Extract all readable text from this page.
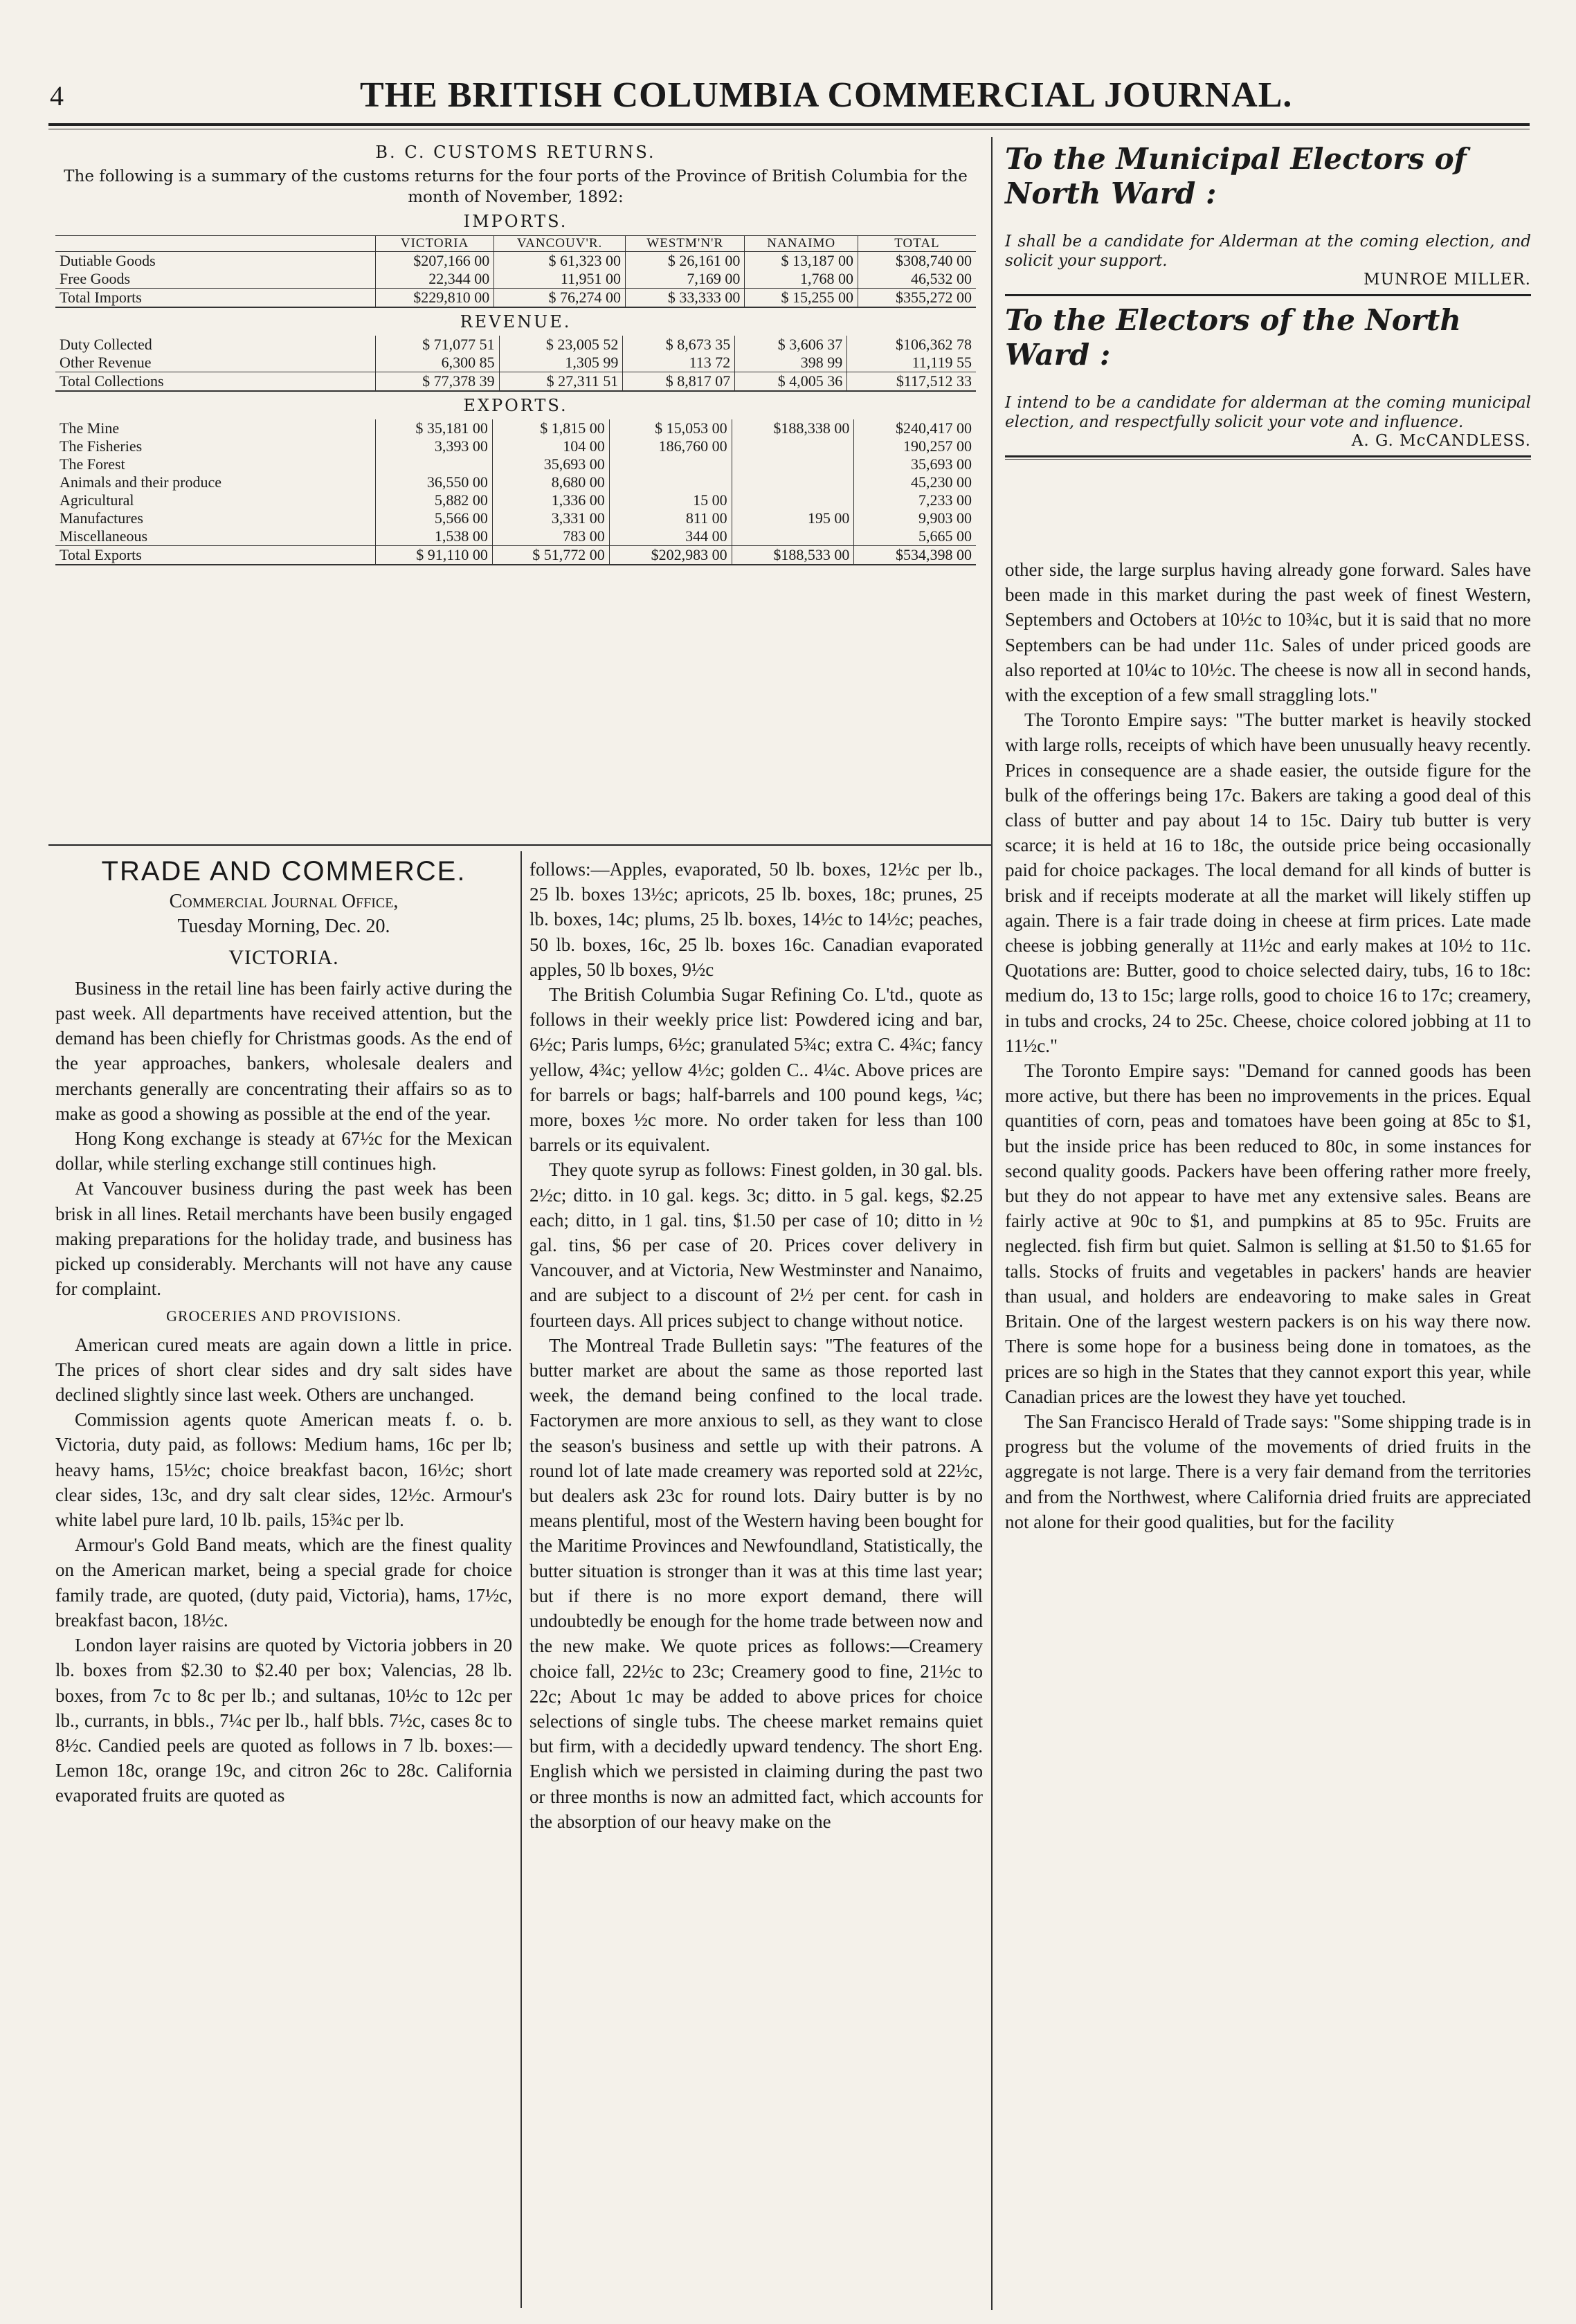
4	THE BRITISH COLUMBIA COMMERCIAL JOURNAL.
B. C. CUSTOMS RETURNS.
The following is a summary of the customs returns for the four ports of the Province of British Columbia for the month of November, 1892:
IMPORTS.
	VICTORIA	VANCOUV'R.	WESTM'N'R	NANAIMO	TOTAL
Dutiable Goods	$207,166 00	$ 61,323 00	$ 26,161 00	$ 13,187 00	$308,740 00
Free Goods	22,344 00	11,951 00	7,169 00	1,768 00	46,532 00
Total Imports	$229,810 00	$ 76,274 00	$ 33,333 00	$ 15,255 00	$355,272 00
REVENUE.
Duty Collected	$ 71,077 51	$ 23,005 52	$ 8,673 35	$ 3,606 37	$106,362 78
Other Revenue	6,300 85	1,305 99	113 72	398 99	11,119 55
Total Collections	$ 77,378 39	$ 27,311 51	$ 8,817 07	$ 4,005 36	$117,512 33
EXPORTS.
The Mine	$ 35,181 00	$ 1,815 00	$ 15,053 00	$188,338 00	$240,417 00
The Fisheries	3,393 00	104 00	186,760 00		190,257 00
The Forest		35,693 00			35,693 00
Animals and their produce	36,550 00	8,680 00			45,230 00
Agricultural	5,882 00	1,336 00	15 00		7,233 00
Manufactures	5,566 00	3,331 00	811 00	195 00	9,903 00
Miscellaneous	1,538 00	783 00	344 00		5,665 00
Total Exports	$ 91,110 00	$ 51,772 00	$202,983 00	$188,533 00	$534,398 00
To the Municipal Electors of North Ward :
I shall be a candidate for Alderman at the coming election, and solicit your support.
MUNROE MILLER.
To the Electors of the North Ward :
I intend to be a candidate for alderman at the coming municipal election, and respectfully solicit your vote and influence.
A. G. McCANDLESS.
TRADE AND COMMERCE.
Commercial Journal Office,
Tuesday Morning, Dec. 20.
VICTORIA.

Business in the retail line has been fairly active during the past week. All departments have received attention, but the demand has been chiefly for Christmas goods. As the end of the year approaches, bankers, wholesale dealers and merchants generally are concentrating their affairs so as to make as good a showing as possible at the end of the year.

Hong Kong exchange is steady at 67½c for the Mexican dollar, while sterling exchange still continues high.

At Vancouver business during the past week has been brisk in all lines. Retail merchants have been busily engaged making preparations for the holiday trade, and business has picked up considerably. Merchants will not have any cause for complaint.

GROCERIES AND PROVISIONS.

American cured meats are again down a little in price. The prices of short clear sides and dry salt sides have declined slightly since last week. Others are unchanged.

Commission agents quote American meats f. o. b. Victoria, duty paid, as follows: Medium hams, 16c per lb; heavy hams, 15½c; choice breakfast bacon, 16½c; short clear sides, 13c, and dry salt clear sides, 12½c. Armour's white label pure lard, 10 lb. pails, 15¾c per lb.

Armour's Gold Band meats, which are the finest quality on the American market, being a special grade for choice family trade, are quoted, (duty paid, Victoria), hams, 17½c, breakfast bacon, 18½c.

London layer raisins are quoted by Victoria jobbers in 20 lb. boxes from $2.30 to $2.40 per box; Valencias, 28 lb. boxes, from 7c to 8c per lb.; and sultanas, 10½c to 12c per lb., currants, in bbls., 7¼c per lb., half bbls. 7½c, cases 8c to 8½c. Candied peels are quoted as follows in 7 lb. boxes:— Lemon 18c, orange 19c, and citron 26c to 28c. California evaporated fruits are quoted as

follows:—Apples, evaporated, 50 lb. boxes, 12½c per lb., 25 lb. boxes 13½c; apricots, 25 lb. boxes, 18c; prunes, 25 lb. boxes, 14c; plums, 25 lb. boxes, 14½c to 14½c; peaches, 50 lb. boxes, 16c, 25 lb. boxes 16c. Canadian evaporated apples, 50 lb boxes, 9½c

The British Columbia Sugar Refining Co. L'td., quote as follows in their weekly price list: Powdered icing and bar, 6½c; Paris lumps, 6½c; granulated 5¾c; extra C. 4¾c; fancy yellow, 4¾c; yellow 4½c; golden C.. 4¼c. Above prices are for barrels or bags; half-barrels and 100 pound kegs, ¼c; more, boxes ½c more. No order taken for less than 100 barrels or its equivalent.

They quote syrup as follows: Finest golden, in 30 gal. bls. 2½c; ditto. in 10 gal. kegs. 3c; ditto. in 5 gal. kegs, $2.25 each; ditto, in 1 gal. tins, $1.50 per case of 10; ditto in ½ gal. tins, $6 per case of 20. Prices cover delivery in Vancouver, and at Victoria, New Westminster and Nanaimo, and are subject to a discount of 2½ per cent. for cash in fourteen days. All prices subject to change without notice.

The Montreal Trade Bulletin says: "The features of the butter market are about the same as those reported last week, the demand being confined to the local trade. Factorymen are more anxious to sell, as they want to close the season's business and settle up with their patrons. A round lot of late made creamery was reported sold at 22½c, but dealers ask 23c for round lots. Dairy butter is by no means plentiful, most of the Western having been bought for the Maritime Provinces and Newfoundland, Statistically, the butter situation is stronger than it was at this time last year; but if there is no more export demand, there will undoubtedly be enough for the home trade between now and the new make. We quote prices as follows:—Creamery choice fall, 22½c to 23c; Creamery good to fine, 21½c to 22c; About 1c may be added to above prices for choice selections of single tubs. The cheese market remains quiet but firm, with a decidedly upward tendency. The short Eng. English which we persisted in claiming during the past two or three months is now an admitted fact, which accounts for the absorption of our heavy make on the

other side, the large surplus having already gone forward. Sales have been made in this market during the past week of finest Western, Septembers and Octobers at 10½c to 10¾c, but it is said that no more Septembers can be had under 11c. Sales of under priced goods are also reported at 10¼c to 10½c. The cheese is now all in second hands, with the exception of a few small straggling lots."

The Toronto Empire says: "The butter market is heavily stocked with large rolls, receipts of which have been unusually heavy recently. Prices in consequence are a shade easier, the outside figure for the bulk of the offerings being 17c. Bakers are taking a good deal of this class of butter and pay about 14 to 15c. Dairy tub butter is very scarce; it is held at 16 to 18c, the outside price being occasionally paid for choice packages. The local demand for all kinds of butter is brisk and if receipts moderate at all the market will likely stiffen up again. There is a fair trade doing in cheese at firm prices. Late made cheese is jobbing generally at 11½c and early makes at 10½ to 11c. Quotations are: Butter, good to choice selected dairy, tubs, 16 to 18c: medium do, 13 to 15c; large rolls, good to choice 16 to 17c; creamery, in tubs and crocks, 24 to 25c. Cheese, choice colored jobbing at 11 to 11½c."

The Toronto Empire says: "Demand for canned goods has been more active, but there has been no improvements in the prices. Equal quantities of corn, peas and tomatoes have been going at 85c to $1, but the inside price has been reduced to 80c, in some instances for second quality goods. Packers have been offering rather more freely, but they do not appear to have met any extensive sales. Beans are fairly active at 90c to $1, and pumpkins at 85 to 95c. Fruits are neglected. fish firm but quiet. Salmon is selling at $1.50 to $1.65 for talls. Stocks of fruits and vegetables in packers' hands are heavier than usual, and holders are endeavoring to make sales in Great Britain. One of the largest western packers is on his way there now. There is some hope for a business being done in tomatoes, as the prices are so high in the States that they cannot export this year, while Canadian prices are the lowest they have yet touched.

The San Francisco Herald of Trade says: "Some shipping trade is in progress but the volume of the movements of dried fruits in the aggregate is not large. There is a very fair demand from the territories and from the Northwest, where California dried fruits are appreciated not alone for their good qualities, but for the facility
